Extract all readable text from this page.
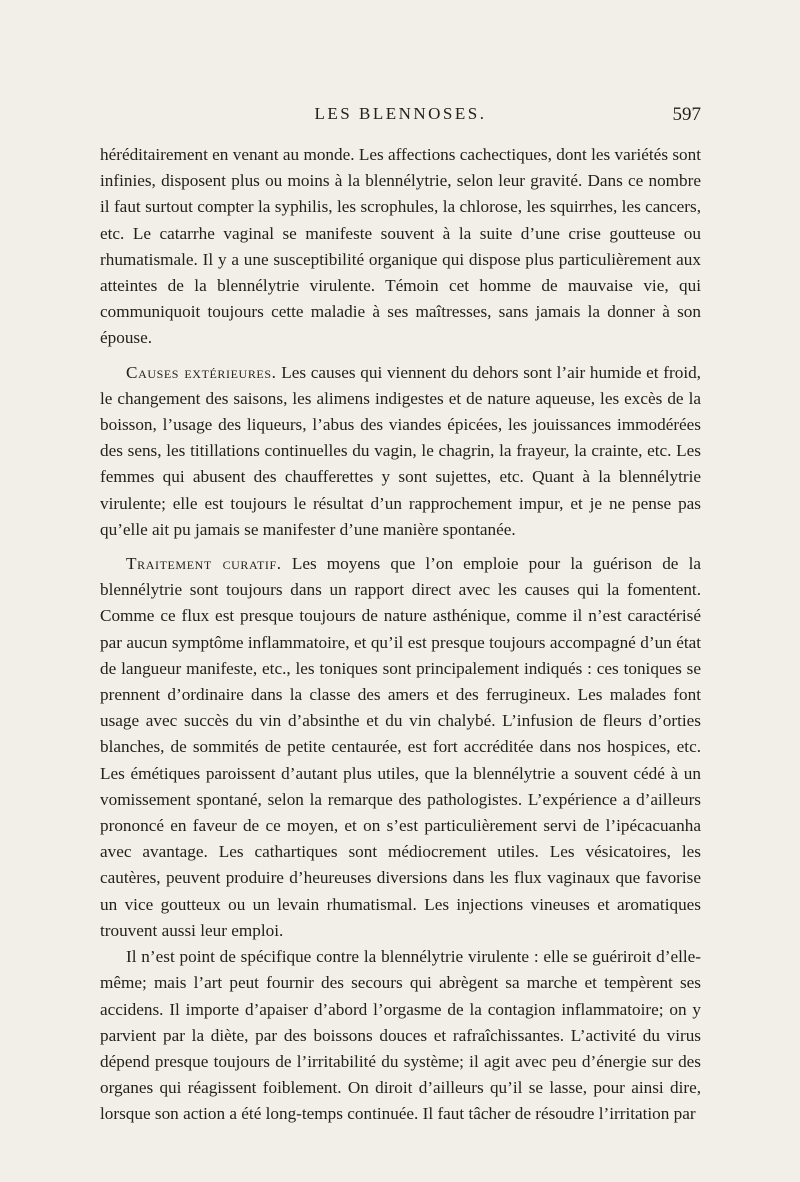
LES BLENNOSES.	597

héréditairement en venant au monde. Les affections cachectiques, dont les variétés sont infinies, disposent plus ou moins à la blennélytrie, selon leur gravité. Dans ce nombre il faut surtout compter la syphilis, les scrophules, la chlorose, les squirrhes, les cancers, etc. Le catarrhe vaginal se manifeste souvent à la suite d’une crise goutteuse ou rhumatismale. Il y a une susceptibilité organique qui dispose plus particulièrement aux atteintes de la blennélytrie virulente. Témoin cet homme de mauvaise vie, qui communiquoit toujours cette maladie à ses maîtresses, sans jamais la donner à son épouse.

Causes extérieures. Les causes qui viennent du dehors sont l’air humide et froid, le changement des saisons, les alimens indigestes et de nature aqueuse, les excès de la boisson, l’usage des liqueurs, l’abus des viandes épicées, les jouissances immodérées des sens, les titillations continuelles du vagin, le chagrin, la frayeur, la crainte, etc. Les femmes qui abusent des chaufferettes y sont sujettes, etc. Quant à la blennélytrie virulente; elle est toujours le résultat d’un rapprochement impur, et je ne pense pas qu’elle ait pu jamais se manifester d’une manière spontanée.

Traitement curatif. Les moyens que l’on emploie pour la guérison de la blennélytrie sont toujours dans un rapport direct avec les causes qui la fomentent. Comme ce flux est presque toujours de nature asthénique, comme il n’est caractérisé par aucun symptôme inflammatoire, et qu’il est presque toujours accompagné d’un état de langueur manifeste, etc., les toniques sont principalement indiqués : ces toniques se prennent d’ordinaire dans la classe des amers et des ferrugineux. Les malades font usage avec succès du vin d’absinthe et du vin chalybé. L’infusion de fleurs d’orties blanches, de sommités de petite centaurée, est fort accréditée dans nos hospices, etc. Les émétiques paroissent d’autant plus utiles, que la blennélytrie a souvent cédé à un vomissement spontané, selon la remarque des pathologistes. L’expérience a d’ailleurs prononcé en faveur de ce moyen, et on s’est particulièrement servi de l’ipécacuanha avec avantage. Les cathartiques sont médiocrement utiles. Les vésicatoires, les cautères, peuvent produire d’heureuses diversions dans les flux vaginaux que favorise un vice goutteux ou un levain rhumatismal. Les injections vineuses et aromatiques trouvent aussi leur emploi.

Il n’est point de spécifique contre la blennélytrie virulente : elle se guériroit d’elle-même; mais l’art peut fournir des secours qui abrègent sa marche et tempèrent ses accidens. Il importe d’apaiser d’abord l’orgasme de la contagion inflammatoire; on y parvient par la diète, par des boissons douces et rafraîchissantes. L’activité du virus dépend presque toujours de l’irritabilité du système; il agit avec peu d’énergie sur des organes qui réagissent foiblement. On diroit d’ailleurs qu’il se lasse, pour ainsi dire, lorsque son action a été long-temps continuée. Il faut tâcher de résoudre l’irritation par
